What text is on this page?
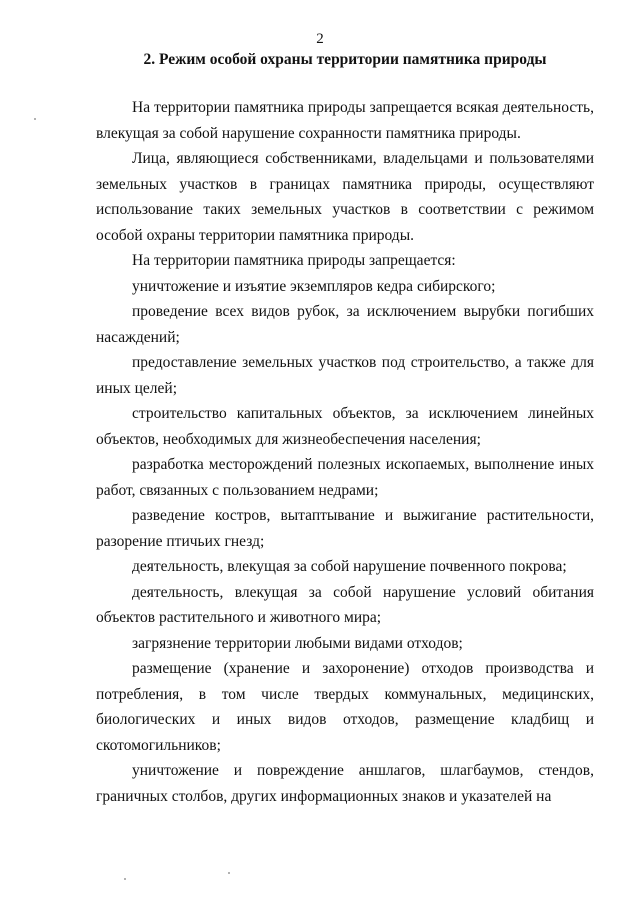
2
2. Режим особой охраны территории памятника природы

На территории памятника природы запрещается всякая деятельность, влекущая за собой нарушение сохранности памятника природы.

Лица, являющиеся собственниками, владельцами и пользователями земельных участков в границах памятника природы, осуществляют использование таких земельных участков в соответствии с режимом особой охраны территории памятника природы.

На территории памятника природы запрещается:

уничтожение и изъятие экземпляров кедра сибирского;

проведение всех видов рубок, за исключением вырубки погибших насаждений;

предоставление земельных участков под строительство, а также для иных целей;

строительство капитальных объектов, за исключением линейных объектов, необходимых для жизнеобеспечения населения;

разработка месторождений полезных ископаемых, выполнение иных работ, связанных с пользованием недрами;

разведение костров, вытаптывание и выжигание растительности, разорение птичьих гнезд;

деятельность, влекущая за собой нарушение почвенного покрова;

деятельность, влекущая за собой нарушение условий обитания объектов растительного и животного мира;

загрязнение территории любыми видами отходов;

размещение (хранение и захоронение) отходов производства и потребления, в том числе твердых коммунальных, медицинских, биологических и иных видов отходов, размещение кладбищ и скотомогильников;

уничтожение и повреждение аншлагов, шлагбаумов, стендов, граничных столбов, других информационных знаков и указателей на
